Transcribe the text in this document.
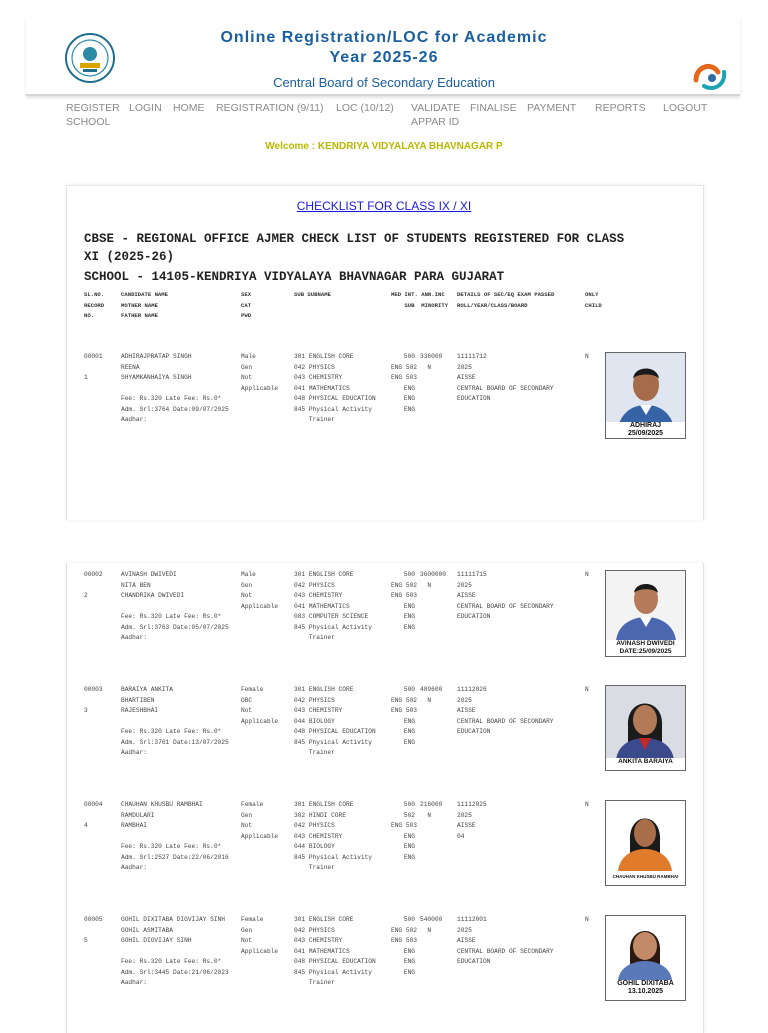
Online Registration/LOC for Academic
Year 2025-26
Central Board of Secondary Education
REGISTER
SCHOOL
LOGIN HOME REGISTRATION (9/11) LOC (10/12) VALIDATE
APPAR ID
FINALISE PAYMENT REPORTS LOGOUT
Welcome : KENDRIYA VIDYALAYA BHAVNAGAR P
CHECKLIST FOR CLASS IX / XI
CBSE - REGIONAL OFFICE AJMER CHECK LIST OF STUDENTS REGISTERED FOR CLASS
XI (2025-26)
SCHOOL - 14105-KENDRIYA VIDYALAYA BHAVNAGAR PARA GUJARAT
SL.NO.
RECORD
NO.
CANDIDATE NAME
MOTHER NAME
FATHER NAME
SEX
CAT
PWD
SUB SUBNAME	MED INT. ANN.INC
SUB  MINORITY
DETAILS OF SEC/EQ EXAM PASSED
ROLL/YEAR/CLASS/BOARD
ONLY
CHILD
00001
1
ADHIRAJPRATAP SINGH
REENA
SHYAMKANHAIYA SINGH
Male
Gen
Not
Applicable
301 ENGLISH CORE
042 PHYSICS
043 CHEMISTRY
041 MATHEMATICS
048 PHYSICAL EDUCATION
845 Physical Activity
Trainer
500
ENG 502
ENG 503
ENG
ENG
ENG
336000
N
11111712
2025
AISSE
CENTRAL BOARD OF SECONDARY
EDUCATION
N
Fee: Rs.320 Late Fee: Rs.0*
Adm. Srl:3764 Date:09/07/2025
Aadhar:
ADHIRAJ
25/09/2025
00002
2
AVINASH DWIVEDI
NITA BEN
CHANDRIKA DWIVEDI
Male
Gen
Not
Applicable
301 ENGLISH CORE
042 PHYSICS
043 CHEMISTRY
041 MATHEMATICS
083 COMPUTER SCIENCE
845 Physical Activity
Trainer
500
ENG 502
ENG 503
ENG
ENG
ENG
3600000
N
11111715
2025
AISSE
CENTRAL BOARD OF SECONDARY
EDUCATION
N
Fee: Rs.320 Late Fee: Rs.0*
Adm. Srl:3763 Date:05/07/2025
Aadhar:
AVINASH DWIVEDI
DATE:25/09/2025
00003
3
BARAIYA ANKITA
BHARTIBEN
RAJESHBHAI
Female
OBC
Not
Applicable
301 ENGLISH CORE
042 PHYSICS
043 CHEMISTRY
044 BIOLOGY
048 PHYSICAL EDUCATION
845 Physical Activity
Trainer
500
ENG 502
ENG 503
ENG
ENG
ENG
489600
N
11112026
2025
AISSE
CENTRAL BOARD OF SECONDARY
EDUCATION
N
Fee: Rs.320 Late Fee: Rs.0*
Adm. Srl:3761 Date:13/07/2025
Aadhar:
ANKITA BARAIYA
00004
4
CHAUHAN KHUSBU RAMBHAI
RAMDULARI
RAMBHAI
Female
Gen
Not
Applicable
301 ENGLISH CORE
302 HINDI CORE
042 PHYSICS
043 CHEMISTRY
044 BIOLOGY
845 Physical Activity
Trainer
500
502
ENG 503
ENG
ENG
ENG
216000
N
11112025
2025
AISSE
04
N
Fee: Rs.320 Late Fee: Rs.0*
Adm. Srl:2527 Date:22/06/2016
Aadhar:
CHAUHAN KHUSBU RAMBHAI
00005
5
GOHIL DIXITABA DIGVIJAY SINH
GOHIL ASMITABA
GOHIL DIGVIJAY SINH
Female
Gen
Not
Applicable
301 ENGLISH CORE
042 PHYSICS
043 CHEMISTRY
041 MATHEMATICS
048 PHYSICAL EDUCATION
845 Physical Activity
Trainer
500
ENG 502
ENG 503
ENG
ENG
ENG
540000
N
11112001
2025
AISSE
CENTRAL BOARD OF SECONDARY
EDUCATION
N
Fee: Rs.320 Late Fee: Rs.0*
Adm. Srl:3445 Date:21/06/2023
Aadhar:	GOHIL DIXITABA
13.10.2025
